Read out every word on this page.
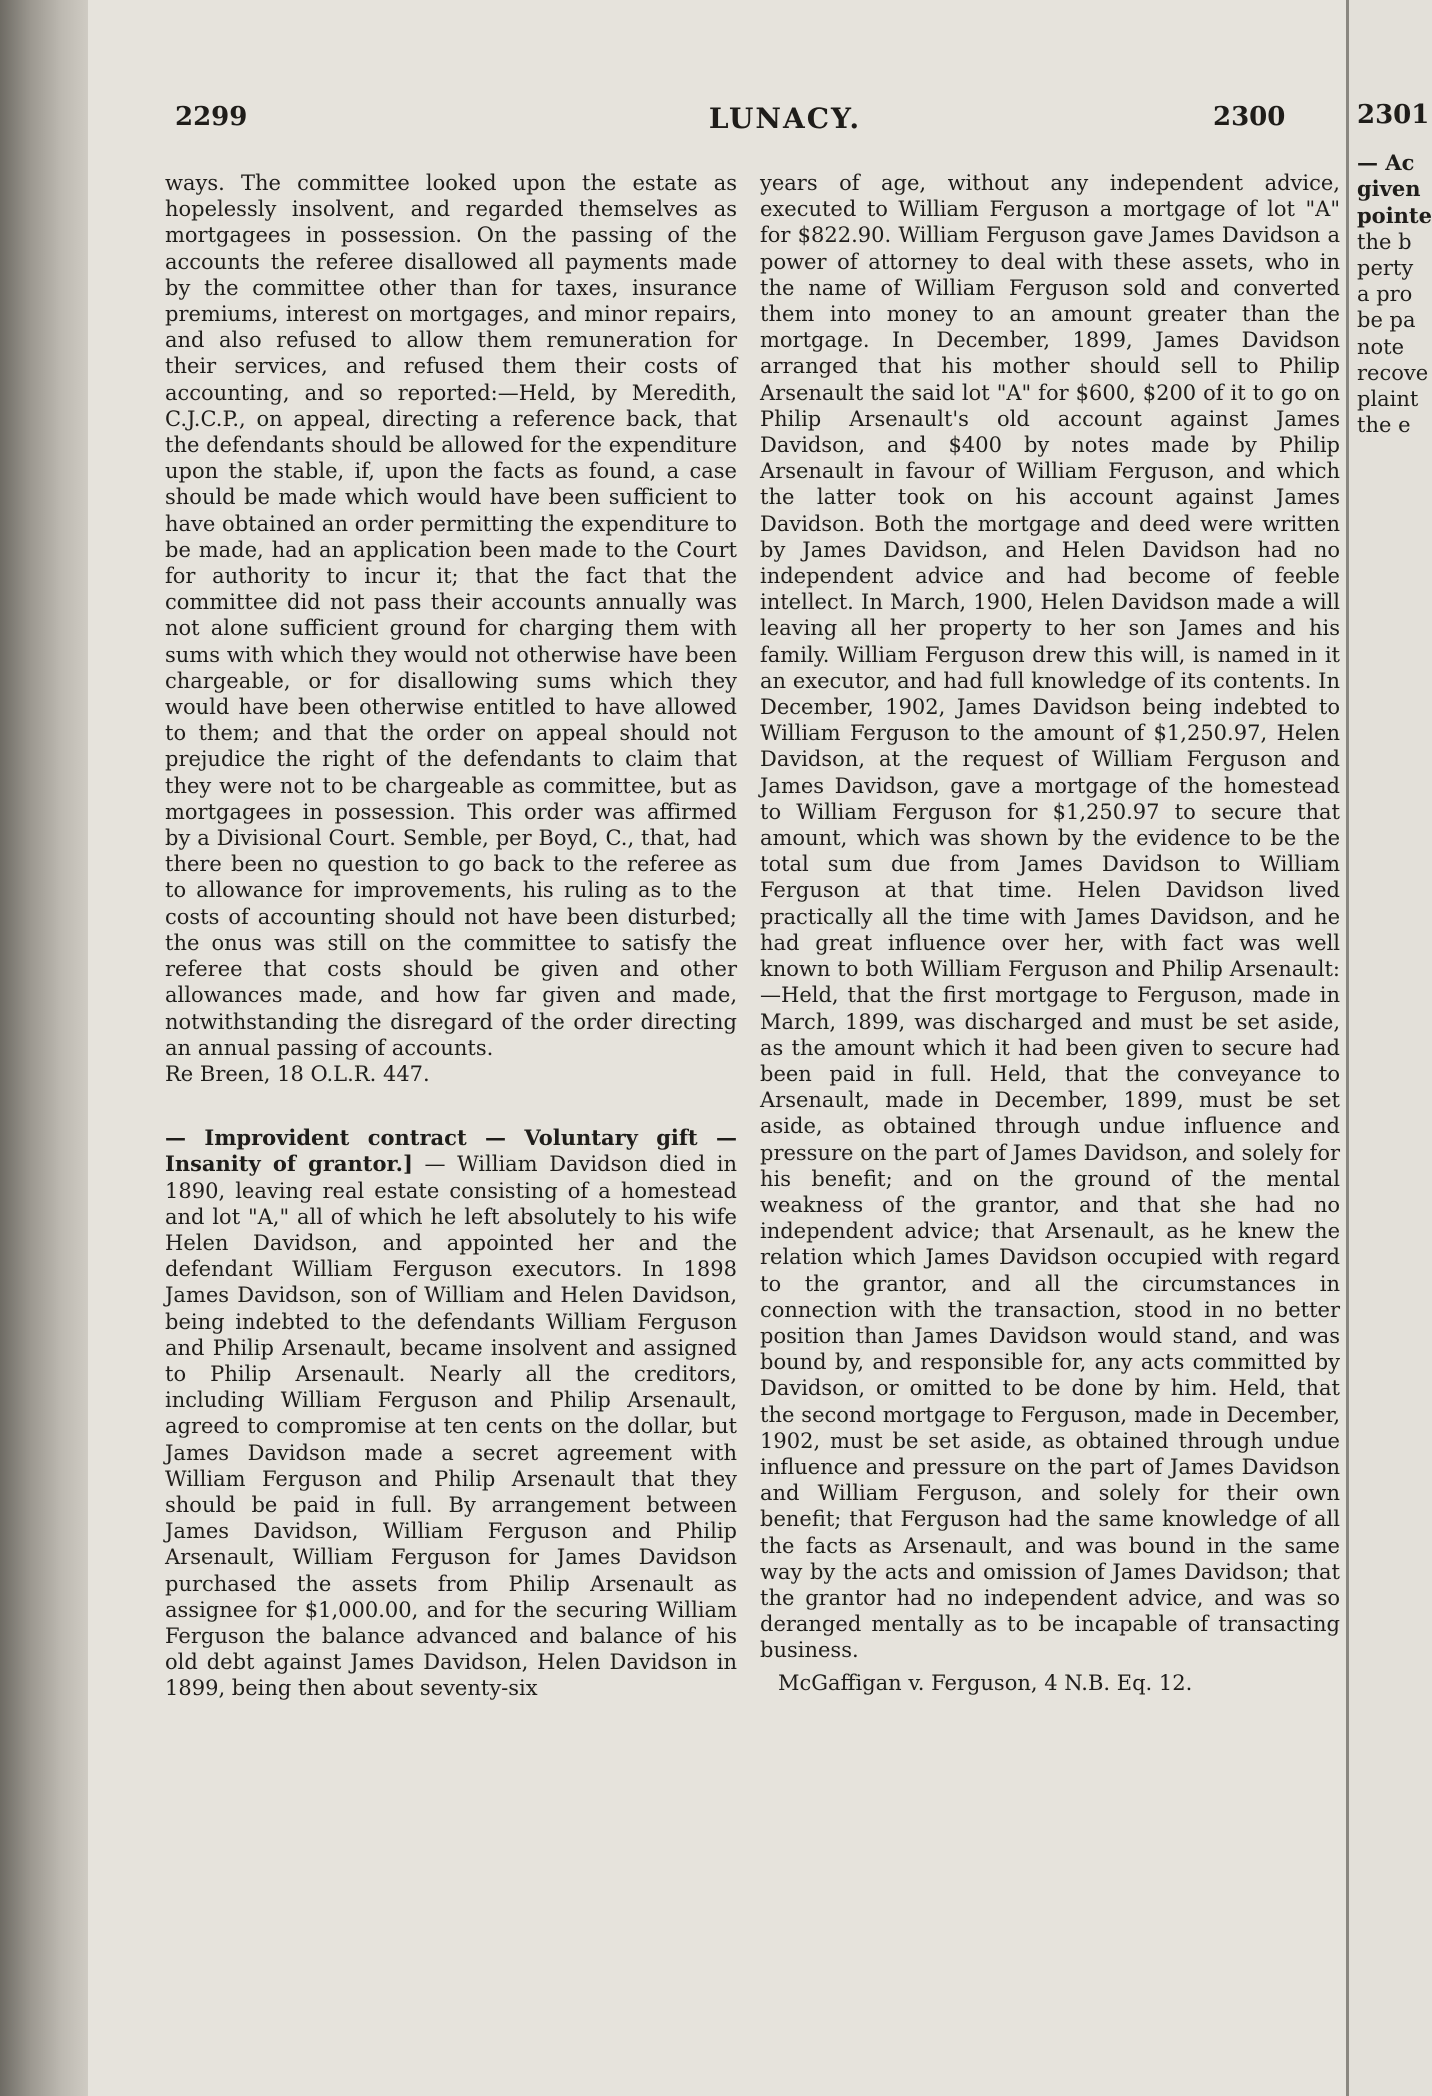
2299	LUNACY.	2300

ways. The committee looked upon the estate as hopelessly insolvent, and regarded themselves as mortgagees in possession. On the passing of the accounts the referee disallowed all payments made by the committee other than for taxes, insurance premiums, interest on mortgages, and minor repairs, and also refused to allow them remuneration for their services, and refused them their costs of accounting, and so reported:—Held, by Meredith, C.J.C.P., on appeal, directing a reference back, that the defendants should be allowed for the expenditure upon the stable, if, upon the facts as found, a case should be made which would have been sufficient to have obtained an order permitting the expenditure to be made, had an application been made to the Court for authority to incur it; that the fact that the committee did not pass their accounts annually was not alone sufficient ground for charging them with sums with which they would not otherwise have been chargeable, or for disallowing sums which they would have been otherwise entitled to have allowed to them; and that the order on appeal should not prejudice the right of the defendants to claim that they were not to be chargeable as committee, but as mortgagees in possession. This order was affirmed by a Divisional Court. Semble, per Boyd, C., that, had there been no question to go back to the referee as to allowance for improvements, his ruling as to the costs of accounting should not have been disturbed; the onus was still on the committee to satisfy the referee that costs should be given and other allowances made, and how far given and made, notwithstanding the disregard of the order directing an annual passing of accounts.

Re Breen, 18 O.L.R. 447.

— Improvident contract — Voluntary gift — Insanity of grantor.] — William Davidson died in 1890, leaving real estate consisting of a homestead and lot "A," all of which he left absolutely to his wife Helen Davidson, and appointed her and the defendant William Ferguson executors. In 1898 James Davidson, son of William and Helen Davidson, being indebted to the defendants William Ferguson and Philip Arsenault, became insolvent and assigned to Philip Arsenault. Nearly all the creditors, including William Ferguson and Philip Arsenault, agreed to compromise at ten cents on the dollar, but James Davidson made a secret agreement with William Ferguson and Philip Arsenault that they should be paid in full. By arrangement between James Davidson, William Ferguson and Philip Arsenault, William Ferguson for James Davidson purchased the assets from Philip Arsenault as assignee for $1,000.00, and for the securing William Ferguson the balance advanced and balance of his old debt against James Davidson, Helen Davidson in 1899, being then about seventy-six

years of age, without any independent advice, executed to William Ferguson a mortgage of lot "A" for $822.90. William Ferguson gave James Davidson a power of attorney to deal with these assets, who in the name of William Ferguson sold and converted them into money to an amount greater than the mortgage. In December, 1899, James Davidson arranged that his mother should sell to Philip Arsenault the said lot "A" for $600, $200 of it to go on Philip Arsenault's old account against James Davidson, and $400 by notes made by Philip Arsenault in favour of William Ferguson, and which the latter took on his account against James Davidson. Both the mortgage and deed were written by James Davidson, and Helen Davidson had no independent advice and had become of feeble intellect. In March, 1900, Helen Davidson made a will leaving all her property to her son James and his family. William Ferguson drew this will, is named in it an executor, and had full knowledge of its contents. In December, 1902, James Davidson being indebted to William Ferguson to the amount of $1,250.97, Helen Davidson, at the request of William Ferguson and James Davidson, gave a mortgage of the homestead to William Ferguson for $1,250.97 to secure that amount, which was shown by the evidence to be the total sum due from James Davidson to William Ferguson at that time. Helen Davidson lived practically all the time with James Davidson, and he had great influence over her, with fact was well known to both William Ferguson and Philip Arsenault:—Held, that the first mortgage to Ferguson, made in March, 1899, was discharged and must be set aside, as the amount which it had been given to secure had been paid in full. Held, that the conveyance to Arsenault, made in December, 1899, must be set aside, as obtained through undue influence and pressure on the part of James Davidson, and solely for his benefit; and on the ground of the mental weakness of the grantor, and that she had no independent advice; that Arsenault, as he knew the relation which James Davidson occupied with regard to the grantor, and all the circumstances in connection with the transaction, stood in no better position than James Davidson would stand, and was bound by, and responsible for, any acts committed by Davidson, or omitted to be done by him. Held, that the second mortgage to Ferguson, made in December, 1902, must be set aside, as obtained through undue influence and pressure on the part of James Davidson and William Ferguson, and solely for their own benefit; that Ferguson had the same knowledge of all the facts as Arsenault, and was bound in the same way by the acts and omission of James Davidson; that the grantor had no independent advice, and was so deranged mentally as to be incapable of transacting business.

McGaffigan v. Ferguson, 4 N.B. Eq. 12.

2301
— Ac
given
pointe
the b
perty
a pro
be pa
note
recove
plaint
the e
